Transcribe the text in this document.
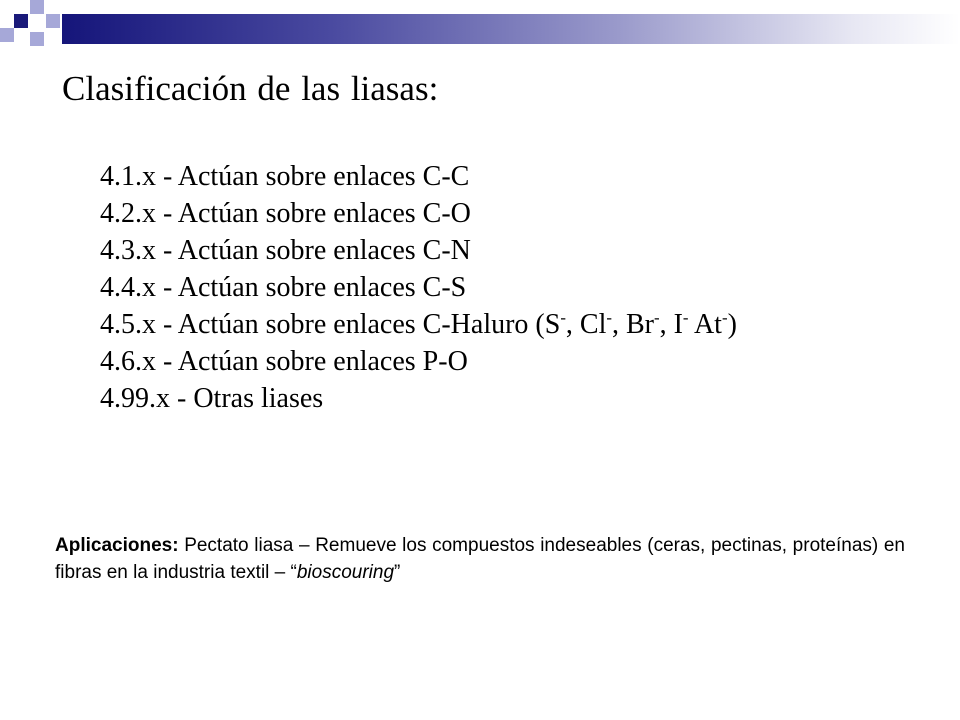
Clasificación de las liasas:
4.1.x - Actúan sobre enlaces C-C
4.2.x - Actúan sobre enlaces C-O
4.3.x - Actúan sobre enlaces C-N
4.4.x - Actúan sobre enlaces C-S
4.5.x - Actúan sobre enlaces C-Haluro (S-, Cl-, Br-, I- At-)
4.6.x - Actúan sobre enlaces P-O
4.99.x - Otras liases

Aplicaciones: Pectato liasa – Remueve los compuestos indeseables (ceras, pectinas, proteínas) en fibras en la industria textil – “bioscouring”
